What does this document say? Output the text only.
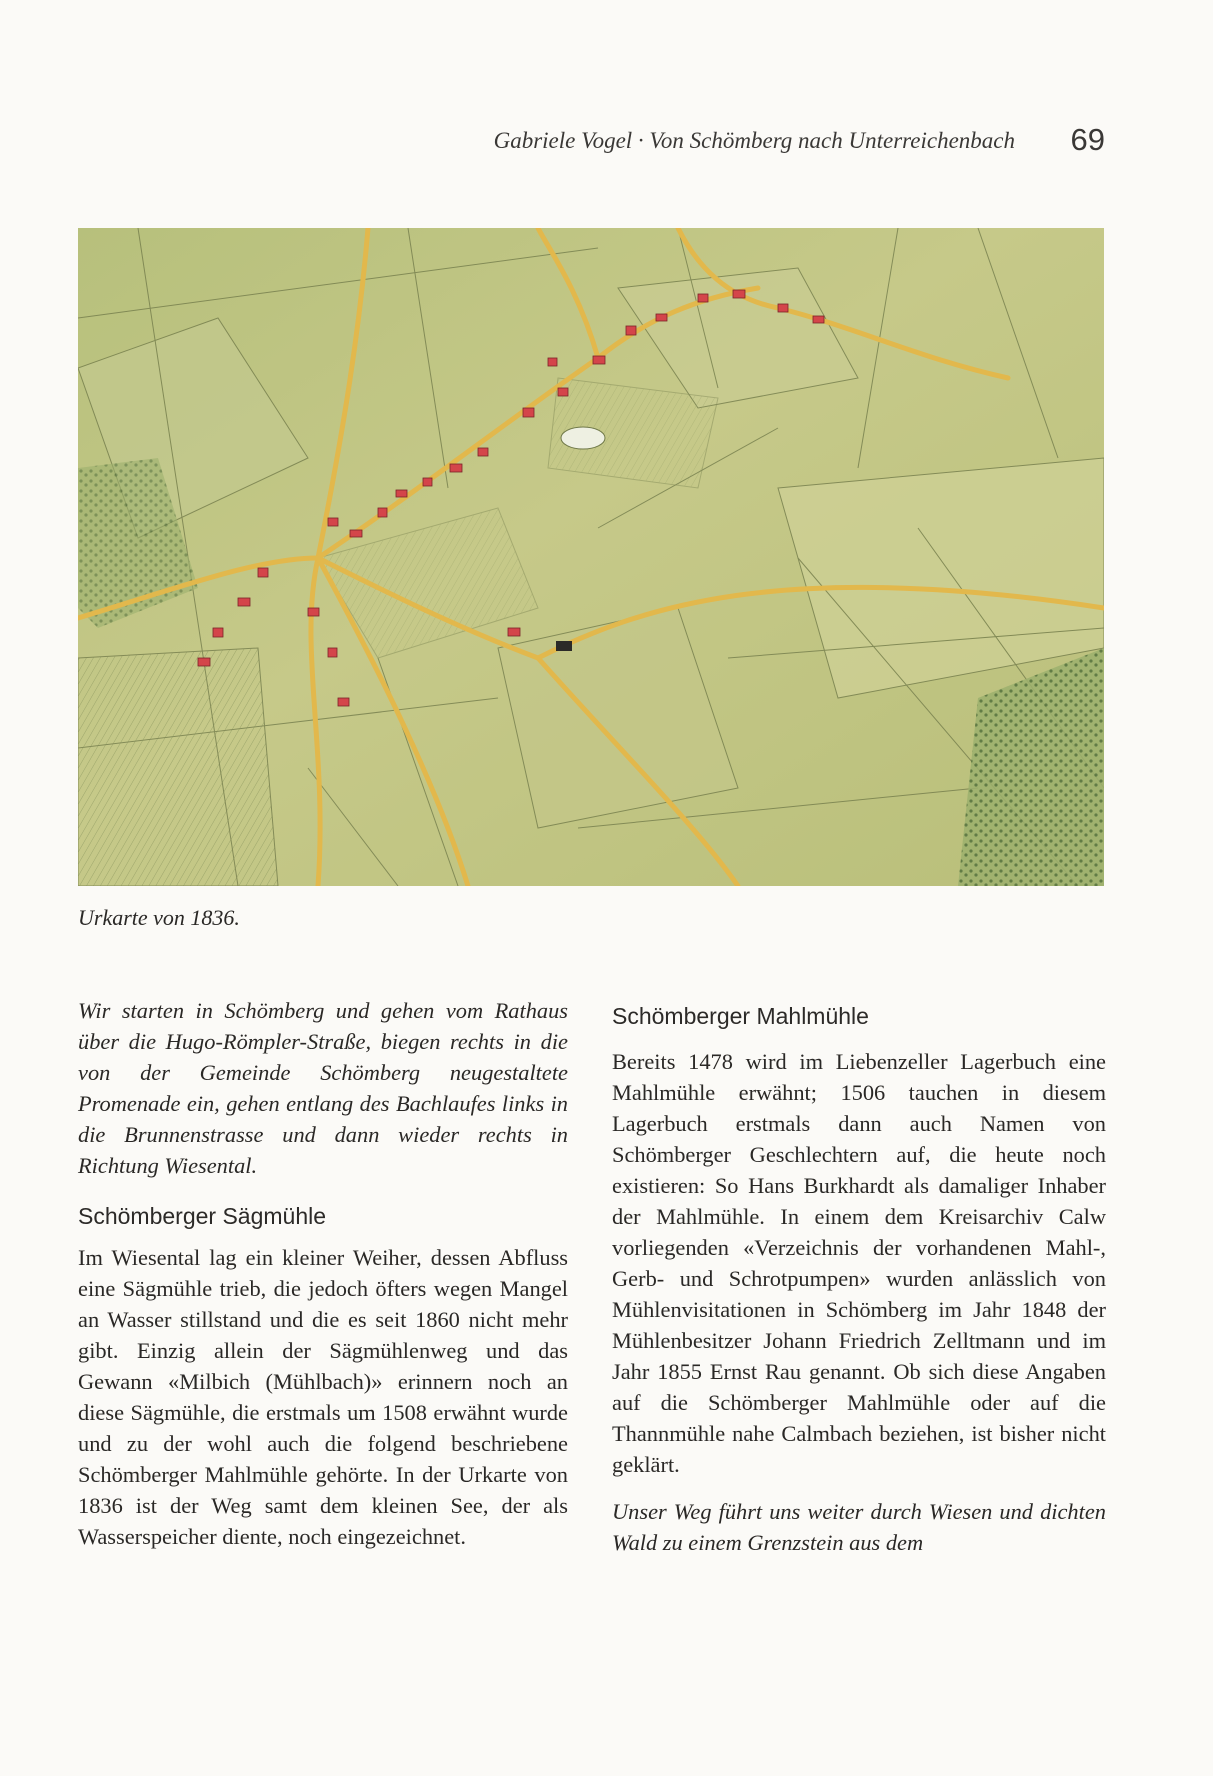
Gabriele Vogel · Von Schömberg nach Unterreichenbach 69
Urkarte von 1836.

Wir starten in Schömberg und gehen vom Rathaus über die Hugo-Römpler-Straße, biegen rechts in die von der Gemeinde Schömberg neugestaltete Promenade ein, gehen entlang des Bachlaufes links in die Brunnenstrasse und dann wieder rechts in Richtung Wiesental.

Schömberger Sägmühle

Im Wiesental lag ein kleiner Weiher, dessen Abfluss eine Sägmühle trieb, die jedoch öfters wegen Mangel an Wasser stillstand und die es seit 1860 nicht mehr gibt. Einzig allein der Sägmühlenweg und das Gewann «Milbich (Mühlbach)» erinnern noch an diese Sägmühle, die erstmals um 1508 erwähnt wurde und zu der wohl auch die folgend beschriebene Schömberger Mahlmühle gehörte. In der Urkarte von 1836 ist der Weg samt dem kleinen See, der als Wasserspeicher diente, noch eingezeichnet.

Schömberger Mahlmühle

Bereits 1478 wird im Liebenzeller Lagerbuch eine Mahlmühle erwähnt; 1506 tauchen in diesem Lagerbuch erstmals dann auch Namen von Schömberger Geschlechtern auf, die heute noch existieren: So Hans Burkhardt als damaliger Inhaber der Mahlmühle. In einem dem Kreisarchiv Calw vorliegenden «Verzeichnis der vorhandenen Mahl-, Gerb- und Schrotpumpen» wurden anlässlich von Mühlenvisitationen in Schömberg im Jahr 1848 der Mühlenbesitzer Johann Friedrich Zelltmann und im Jahr 1855 Ernst Rau genannt. Ob sich diese Angaben auf die Schömberger Mahlmühle oder auf die Thannmühle nahe Calmbach beziehen, ist bisher nicht geklärt.

Unser Weg führt uns weiter durch Wiesen und dichten Wald zu einem Grenzstein aus dem
